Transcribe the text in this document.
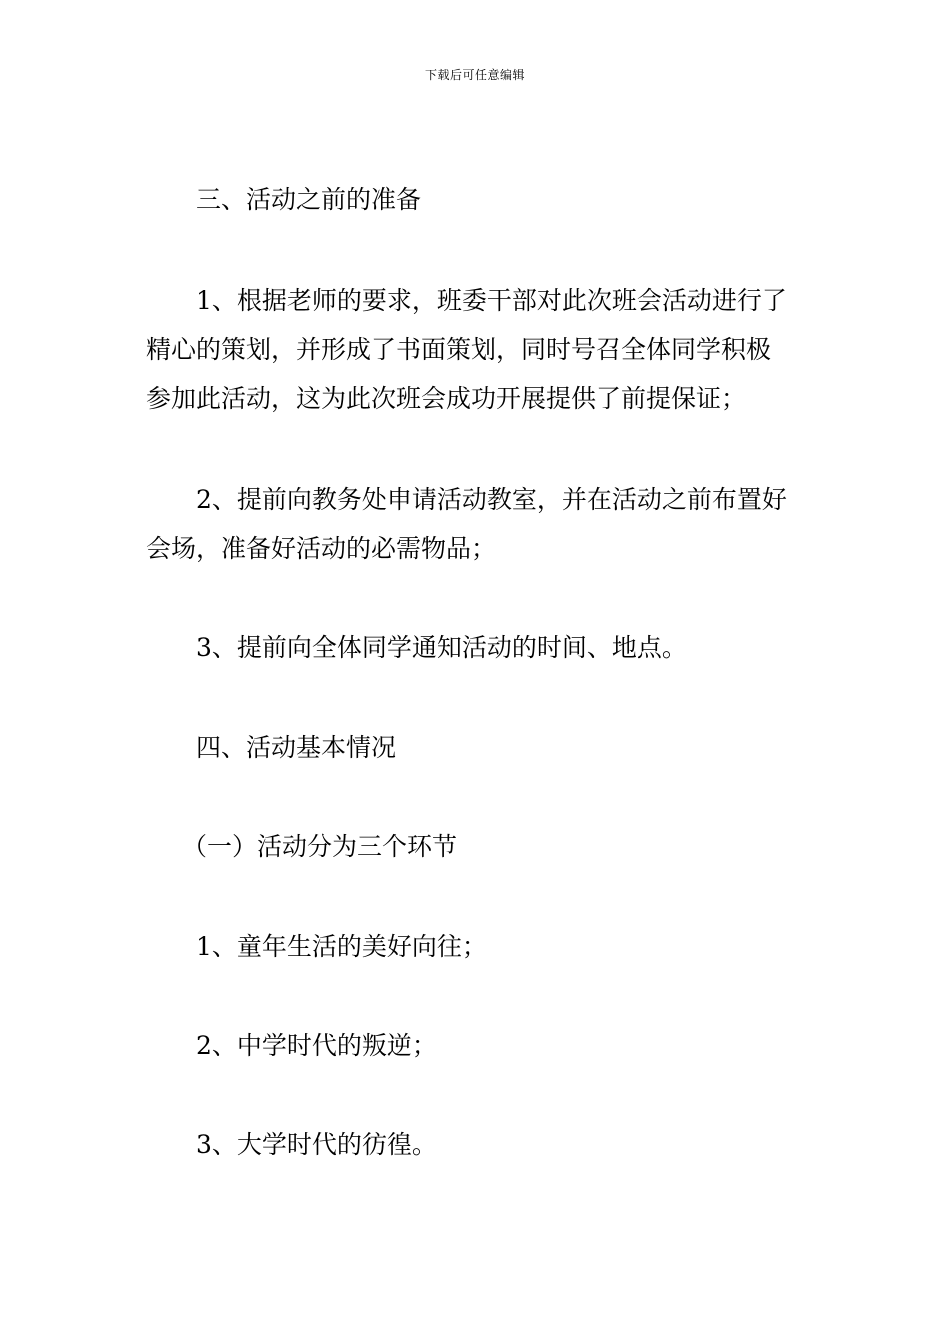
下载后可任意编辑
三、活动之前的准备
1、根据老师的要求，班委干部对此次班会活动进行了
精心的策划，并形成了书面策划，同时号召全体同学积极
参加此活动，这为此次班会成功开展提供了前提保证；
2、提前向教务处申请活动教室，并在活动之前布置好
会场，准备好活动的必需物品；
3、提前向全体同学通知活动的时间、地点。
四、活动基本情况
（一）活动分为三个环节
1、童年生活的美好向往；
2、中学时代的叛逆；
3、大学时代的彷徨。
